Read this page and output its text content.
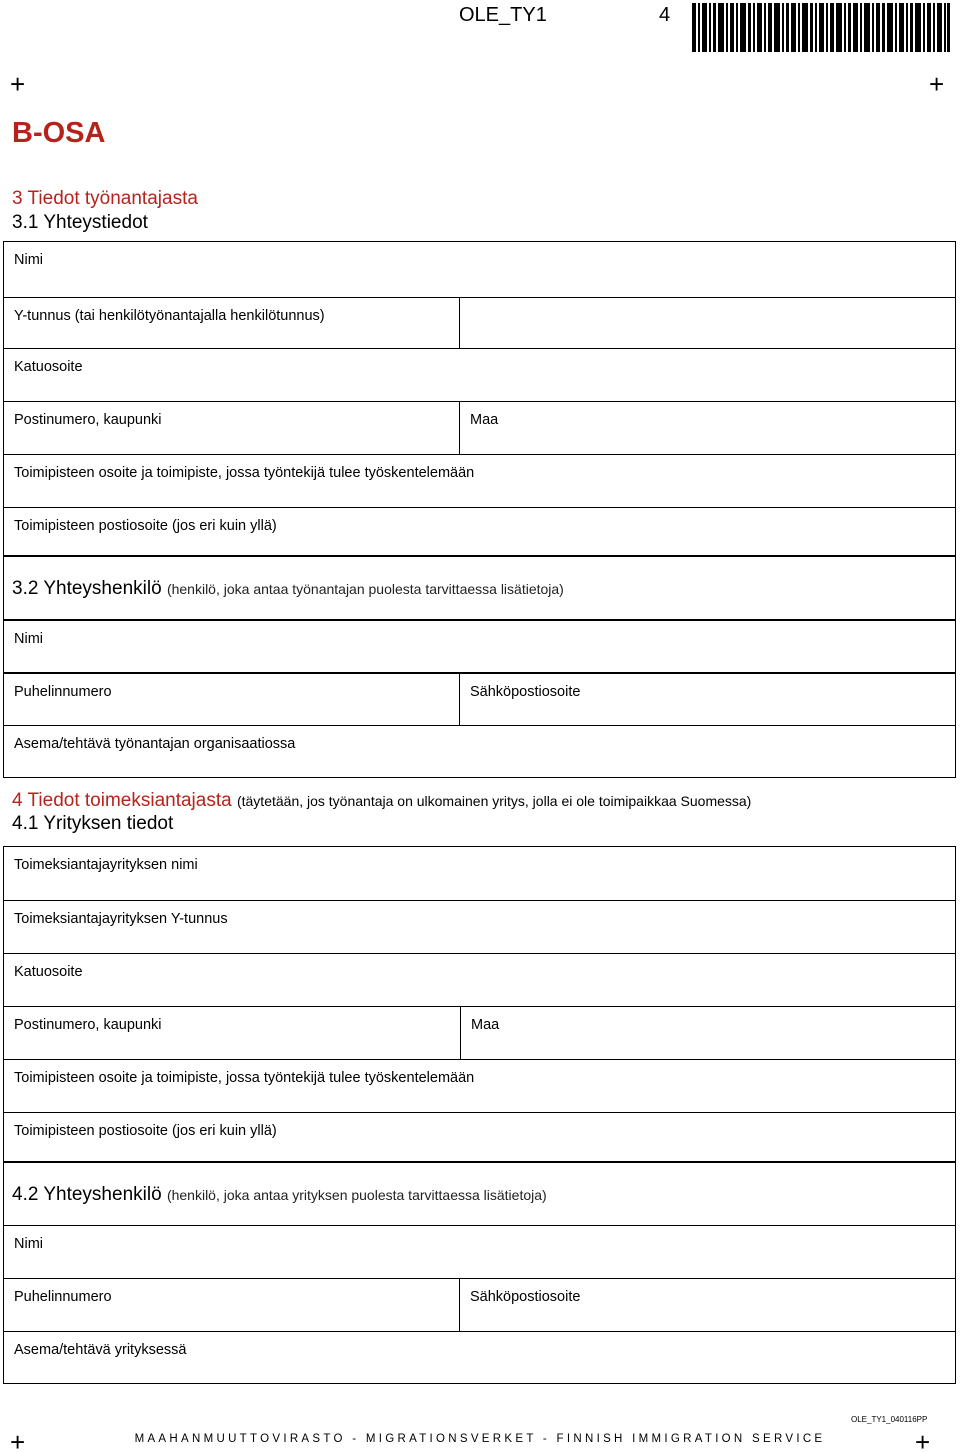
OLE_TY1	4
+	+
+	+
B-OSA
3 Tiedot työnantajasta
3.1 Yhteystiedot
Nimi
Y-tunnus (tai henkilötyönantajalla henkilötunnus)
Katuosoite
Postinumero, kaupunki	Maa
Toimipisteen osoite ja toimipiste, jossa työntekijä tulee työskentelemään
Toimipisteen postiosoite (jos eri kuin yllä)
3.2 Yhteyshenkilö (henkilö, joka antaa työnantajan puolesta tarvittaessa lisätietoja)
Nimi
Puhelinnumero	Sähköpostiosoite
Asema/tehtävä työnantajan organisaatiossa
4 Tiedot toimeksiantajasta (täytetään, jos työnantaja on ulkomainen yritys, jolla ei ole toimipaikkaa Suomessa)
4.1 Yrityksen tiedot
Toimeksiantajayrityksen nimi
Toimeksiantajayrityksen Y-tunnus
Katuosoite
Postinumero, kaupunki	Maa
Toimipisteen osoite ja toimipiste, jossa työntekijä tulee työskentelemään
Toimipisteen postiosoite (jos eri kuin yllä)
4.2 Yhteyshenkilö (henkilö, joka antaa yrityksen puolesta tarvittaessa lisätietoja)
Nimi
Puhelinnumero	Sähköpostiosoite
Asema/tehtävä yrityksessä
OLE_TY1_040116PP
MAAHANMUUTTOVIRASTO - MIGRATIONSVERKET - FINNISH IMMIGRATION SERVICE
